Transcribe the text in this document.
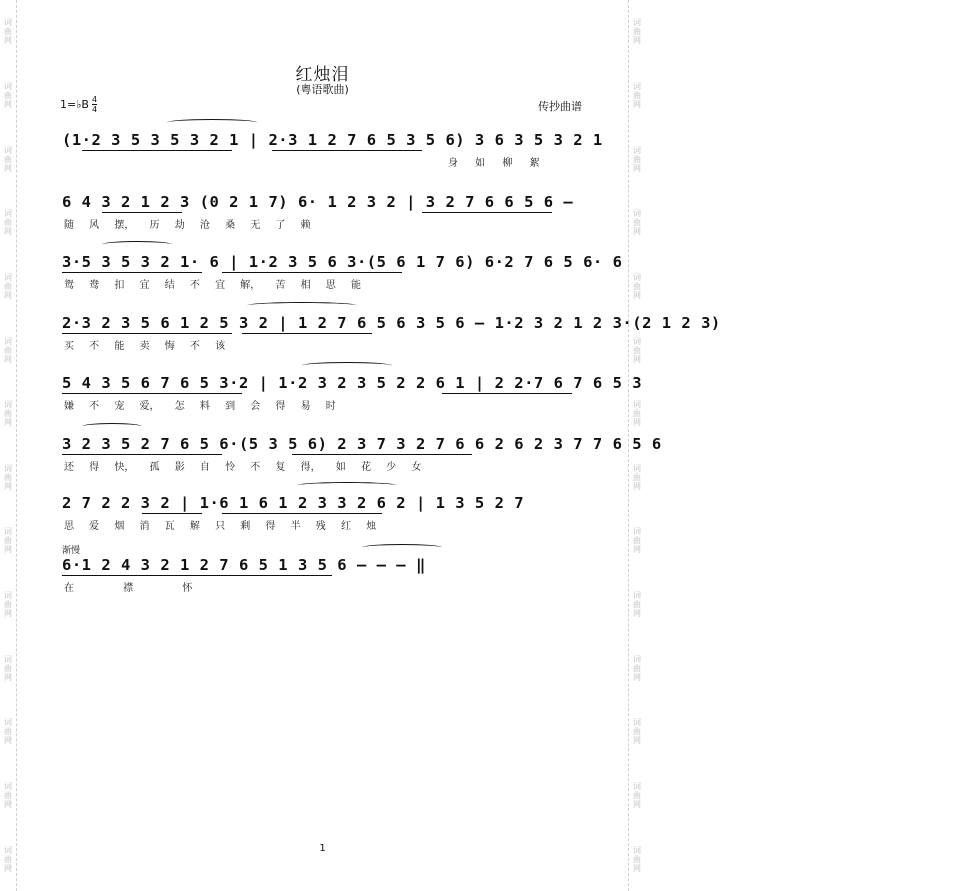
词曲网
词曲网
词曲网
词曲网
词曲网
词曲网
词曲网
词曲网
词曲网
词曲网
词曲网
词曲网
词曲网
词曲网
词曲网
词曲网
词曲网
词曲网
词曲网
词曲网
词曲网
词曲网
词曲网
词曲网
词曲网
词曲网
词曲网
词曲网
红烛泪
(粤语歌曲)
1=♭B 4
4	传抄曲谱
(1·2 3 5 3 5 3 2 1 | 2·3 1 2 7 6 5 3 5 6) 3 6 3 5 3 2 1
身 如 柳 絮
6 4 3 2 1 2 3 (0 2 1 7) 6· 1 2 3 2 | 3 2 7 6 6 5 6 —
随 风 摆， 历 劫 沧 桑 无 了 赖
3·5 3 5 3 2 1· 6 | 1·2 3 5 6 3·(5 6 1 7 6) 6·2 7 6 5 6· 6
鸳 鸯 扣 宜 结 不 宜 解， 苦 相 思 能
2·3 2 3 5 6 1 2 5 3 2 | 1 2 7 6 5 6 3 5 6 — 1·2 3 2 1 2 3·(2 1 2 3)
买 不 能 卖 悔 不 该
5 4 3 5 6 7 6 5 3·2 | 1·2 3 2 3 5 2 2 6 1 | 2 2·7 6 7 6 5 3
嫌 不 宠 爱， 怎 料 到 会 得 易 时
3 2 3 5 2 7 6 5 6·(5 3 5 6) 2 3 7 3 2 7 6 6 2 6 2 3 7 7 6 5 6
还 得 快， 孤 影 自 怜 不 复 得， 如 花 少 女
2 7 2 2 3 2 | 1·6 1 6 1 2 3 3 2 6 2 | 1 3 5 2 7
思 爱 烟 消 瓦 解 只 剩 得 半 残 红 烛
渐慢
6·1 2 4 3 2 1 2 7 6 5 1 3 5 6 — — — ‖
在 襟 怀
1
